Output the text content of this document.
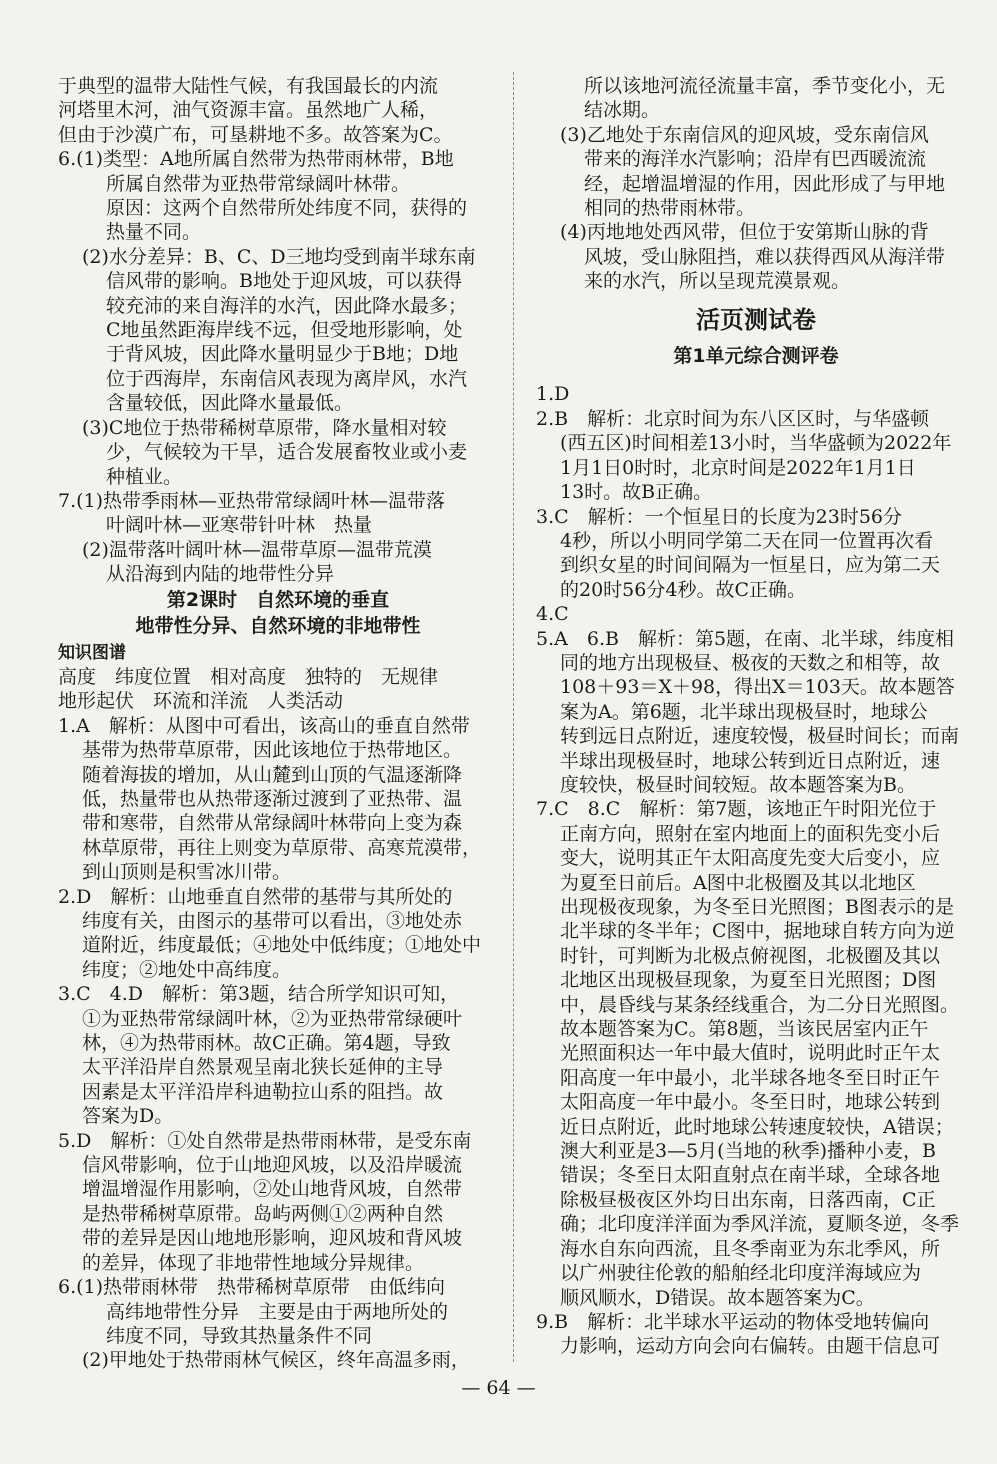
于典型的温带大陆性气候，有我国最长的内流
河塔里木河，油气资源丰富。虽然地广人稀，
但由于沙漠广布，可垦耕地不多。故答案为C。
6.(1)类型：A地所属自然带为热带雨林带，B地
所属自然带为亚热带常绿阔叶林带。
原因：这两个自然带所处纬度不同，获得的
热量不同。
(2)水分差异：B、C、D三地均受到南半球东南
信风带的影响。B地处于迎风坡，可以获得
较充沛的来自海洋的水汽，因此降水最多；
C地虽然距海岸线不远，但受地形影响，处
于背风坡，因此降水量明显少于B地；D地
位于西海岸，东南信风表现为离岸风，水汽
含量较低，因此降水量最低。
(3)C地位于热带稀树草原带，降水量相对较
少，气候较为干旱，适合发展畜牧业或小麦
种植业。
7.(1)热带季雨林—亚热带常绿阔叶林—温带落
叶阔叶林—亚寒带针叶林　热量
(2)温带落叶阔叶林—温带草原—温带荒漠
从沿海到内陆的地带性分异
第2课时　自然环境的垂直
地带性分异、自然环境的非地带性
知识图谱
高度　纬度位置　相对高度　独特的　无规律
地形起伏　环流和洋流　人类活动
1.A　解析：从图中可看出，该高山的垂直自然带
基带为热带草原带，因此该地位于热带地区。
随着海拔的增加，从山麓到山顶的气温逐渐降
低，热量带也从热带逐渐过渡到了亚热带、温
带和寒带，自然带从常绿阔叶林带向上变为森
林草原带，再往上则变为草原带、高寒荒漠带，
到山顶则是积雪冰川带。
2.D　解析：山地垂直自然带的基带与其所处的
纬度有关，由图示的基带可以看出，③地处赤
道附近，纬度最低；④地处中低纬度；①地处中
纬度；②地处中高纬度。
3.C　4.D　解析：第3题，结合所学知识可知，
①为亚热带常绿阔叶林，②为亚热带常绿硬叶
林，④为热带雨林。故C正确。第4题，导致
太平洋沿岸自然景观呈南北狭长延伸的主导
因素是太平洋沿岸科迪勒拉山系的阻挡。故
答案为D。
5.D　解析：①处自然带是热带雨林带，是受东南
信风带影响，位于山地迎风坡，以及沿岸暖流
增温增湿作用影响，②处山地背风坡，自然带
是热带稀树草原带。岛屿两侧①②两种自然
带的差异是因山地地形影响，迎风坡和背风坡
的差异，体现了非地带性地域分异规律。
6.(1)热带雨林带　热带稀树草原带　由低纬向
高纬地带性分异　主要是由于两地所处的
纬度不同，导致其热量条件不同
(2)甲地处于热带雨林气候区，终年高温多雨，
所以该地河流径流量丰富，季节变化小，无
结冰期。
(3)乙地处于东南信风的迎风坡，受东南信风
带来的海洋水汽影响；沿岸有巴西暖流流
经，起增温增湿的作用，因此形成了与甲地
相同的热带雨林带。
(4)丙地地处西风带，但位于安第斯山脉的背
风坡，受山脉阻挡，难以获得西风从海洋带
来的水汽，所以呈现荒漠景观。
活页测试卷
第1单元综合测评卷
1.D
2.B　解析：北京时间为东八区区时，与华盛顿
(西五区)时间相差13小时，当华盛顿为2022年
1月1日0时时，北京时间是2022年1月1日
13时。故B正确。
3.C　解析：一个恒星日的长度为23时56分
4秒，所以小明同学第二天在同一位置再次看
到织女星的时间间隔为一恒星日，应为第二天
的20时56分4秒。故C正确。
4.C
5.A　6.B　解析：第5题，在南、北半球，纬度相
同的地方出现极昼、极夜的天数之和相等，故
108＋93＝X＋98，得出X＝103天。故本题答
案为A。第6题，北半球出现极昼时，地球公
转到远日点附近，速度较慢，极昼时间长；而南
半球出现极昼时，地球公转到近日点附近，速
度较快，极昼时间较短。故本题答案为B。
7.C　8.C　解析：第7题，该地正午时阳光位于
正南方向，照射在室内地面上的面积先变小后
变大，说明其正午太阳高度先变大后变小，应
为夏至日前后。A图中北极圈及其以北地区
出现极夜现象，为冬至日光照图；B图表示的是
北半球的冬半年；C图中，据地球自转方向为逆
时针，可判断为北极点俯视图，北极圈及其以
北地区出现极昼现象，为夏至日光照图；D图
中，晨昏线与某条经线重合，为二分日光照图。
故本题答案为C。第8题，当该民居室内正午
光照面积达一年中最大值时，说明此时正午太
阳高度一年中最小，北半球各地冬至日时正午
太阳高度一年中最小。冬至日时，地球公转到
近日点附近，此时地球公转速度较快，A错误；
澳大利亚是3—5月(当地的秋季)播种小麦，B
错误；冬至日太阳直射点在南半球，全球各地
除极昼极夜区外均日出东南，日落西南，C正
确；北印度洋洋面为季风洋流，夏顺冬逆，冬季
海水自东向西流，且冬季南亚为东北季风，所
以广州驶往伦敦的船舶经北印度洋海域应为
顺风顺水，D错误。故本题答案为C。
9.B　解析：北半球水平运动的物体受地转偏向
力影响，运动方向会向右偏转。由题干信息可
— 64 —
